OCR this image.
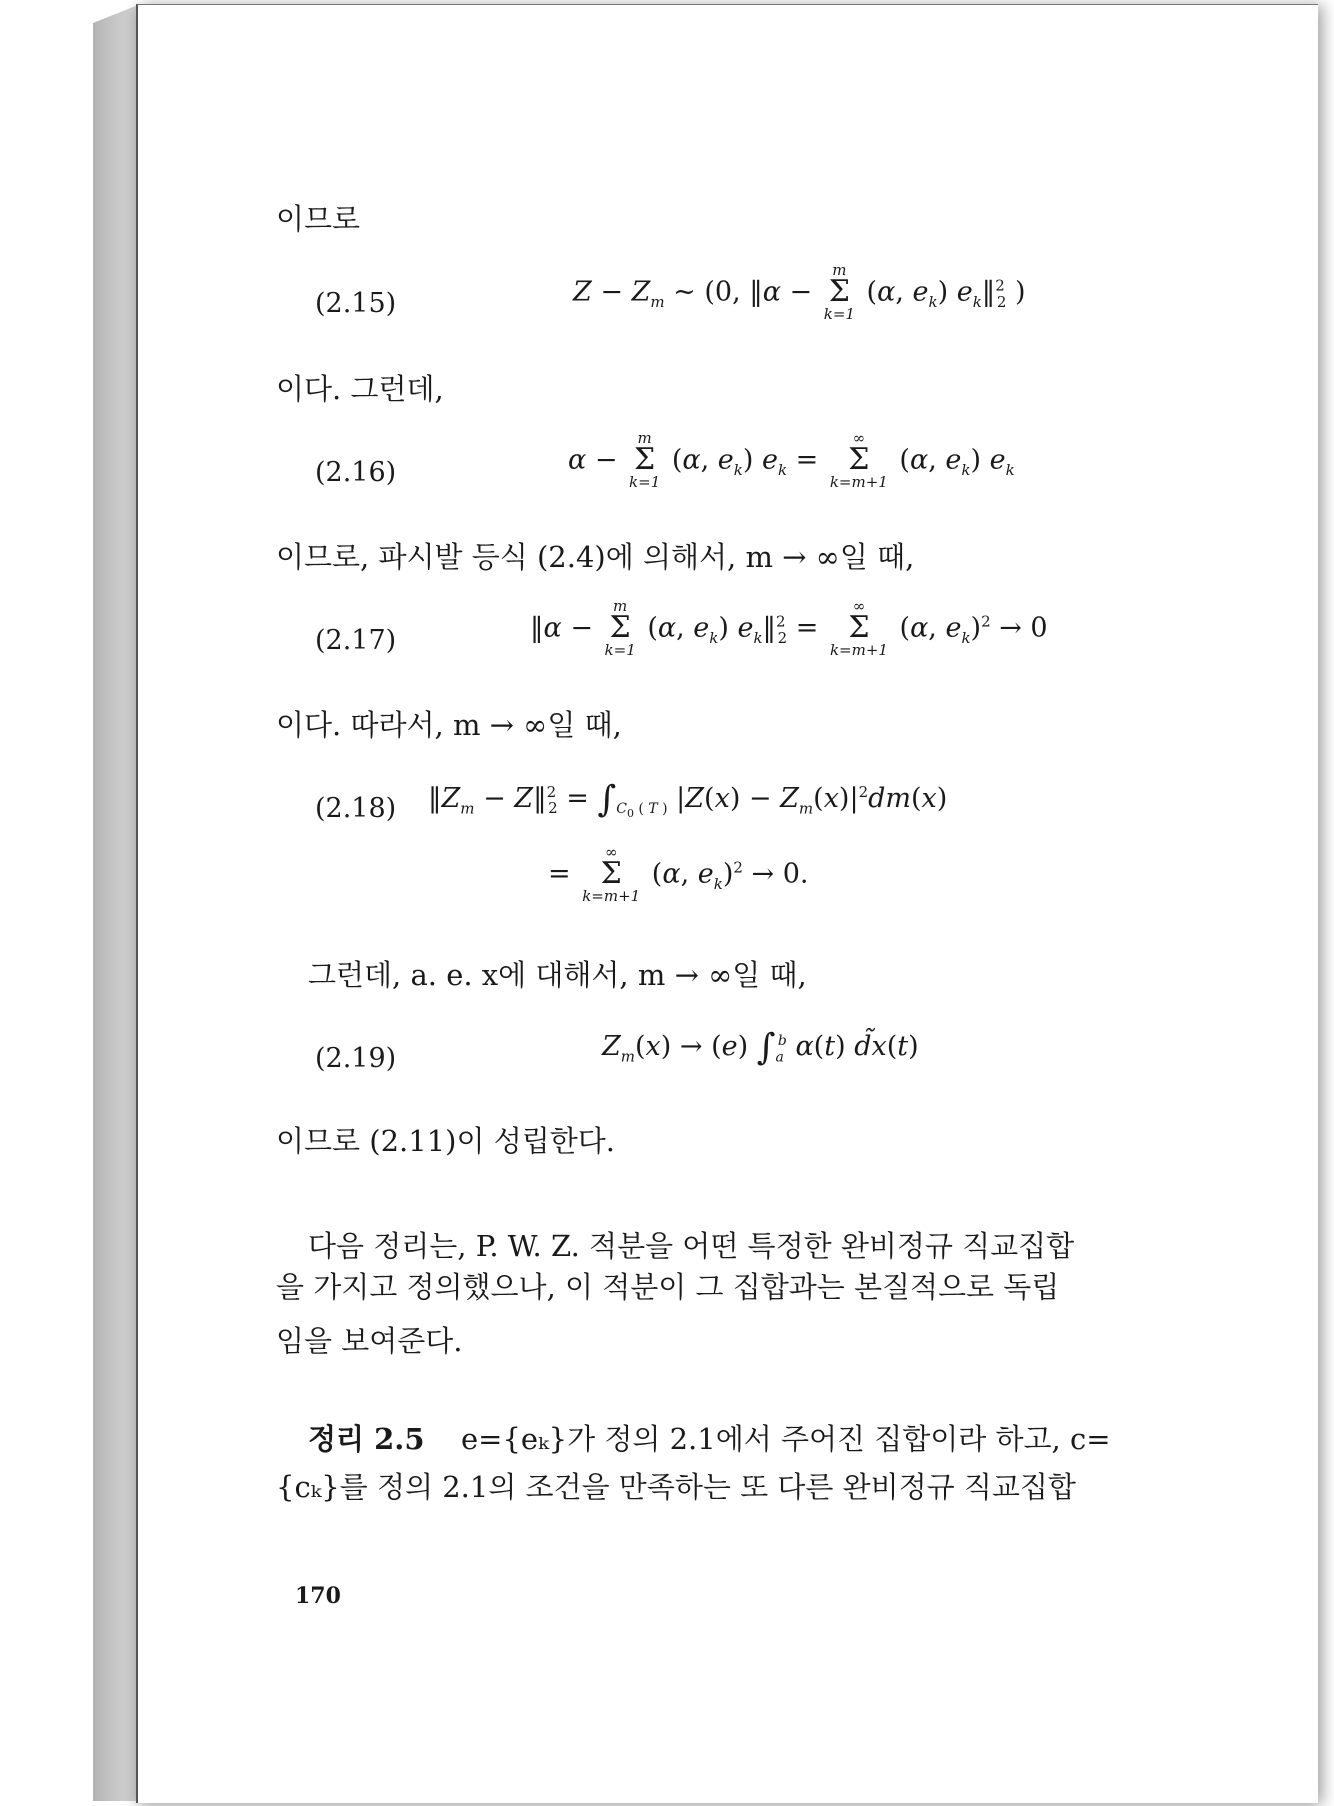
이므로
(2.15)	$Z - Z_m$ ~ (0, ‖α −
m
Σ
k=1
(α, $e_k$) $e_k‖^2_2$ )
이다. 그런데,
(2.16)	α −
m
Σ
k=1
(α, $e_k$) $e_k$ =
∞
Σ
k=m+1
(α, $e_k$) $e_k$
이므로, 파시발 등식 (2.4)에 의해서, m → ∞일 때,
(2.17)	‖α −
m
Σ
k=1
(α, $e_k$) $e_k‖^2_2$ =
∞
Σ
k=m+1
(α, $e_k)^2 \to 0$
이다. 따라서, m → ∞일 때,
(2.18) $‖Z_m$ − Z‖$^2_2$ = $\int_{C_0 ( T )}$ $|Z(x) - Z_m(x)|^2dm(x)$
=
∞
Σ
k=m+1
(α, $e_k)^2 \to 0$.
그런데, a. e. x에 대해서, m → ∞일 때,
(2.19)	$Z_m(x) \to (e)$ $\int_a^b$ α(t) d̃x(t)
이므로 (2.11)이 성립한다.
다음 정리는, P. W. Z. 적분을 어떤 특정한 완비정규 직교집합
을 가지고 정의했으나, 이 적분이 그 집합과는 본질적으로 독립
임을 보여준다.
정리 2.5 e={eₖ}가 정의 2.1에서 주어진 집합이라 하고, c=
{cₖ}를 정의 2.1의 조건을 만족하는 또 다른 완비정규 직교집합
170
